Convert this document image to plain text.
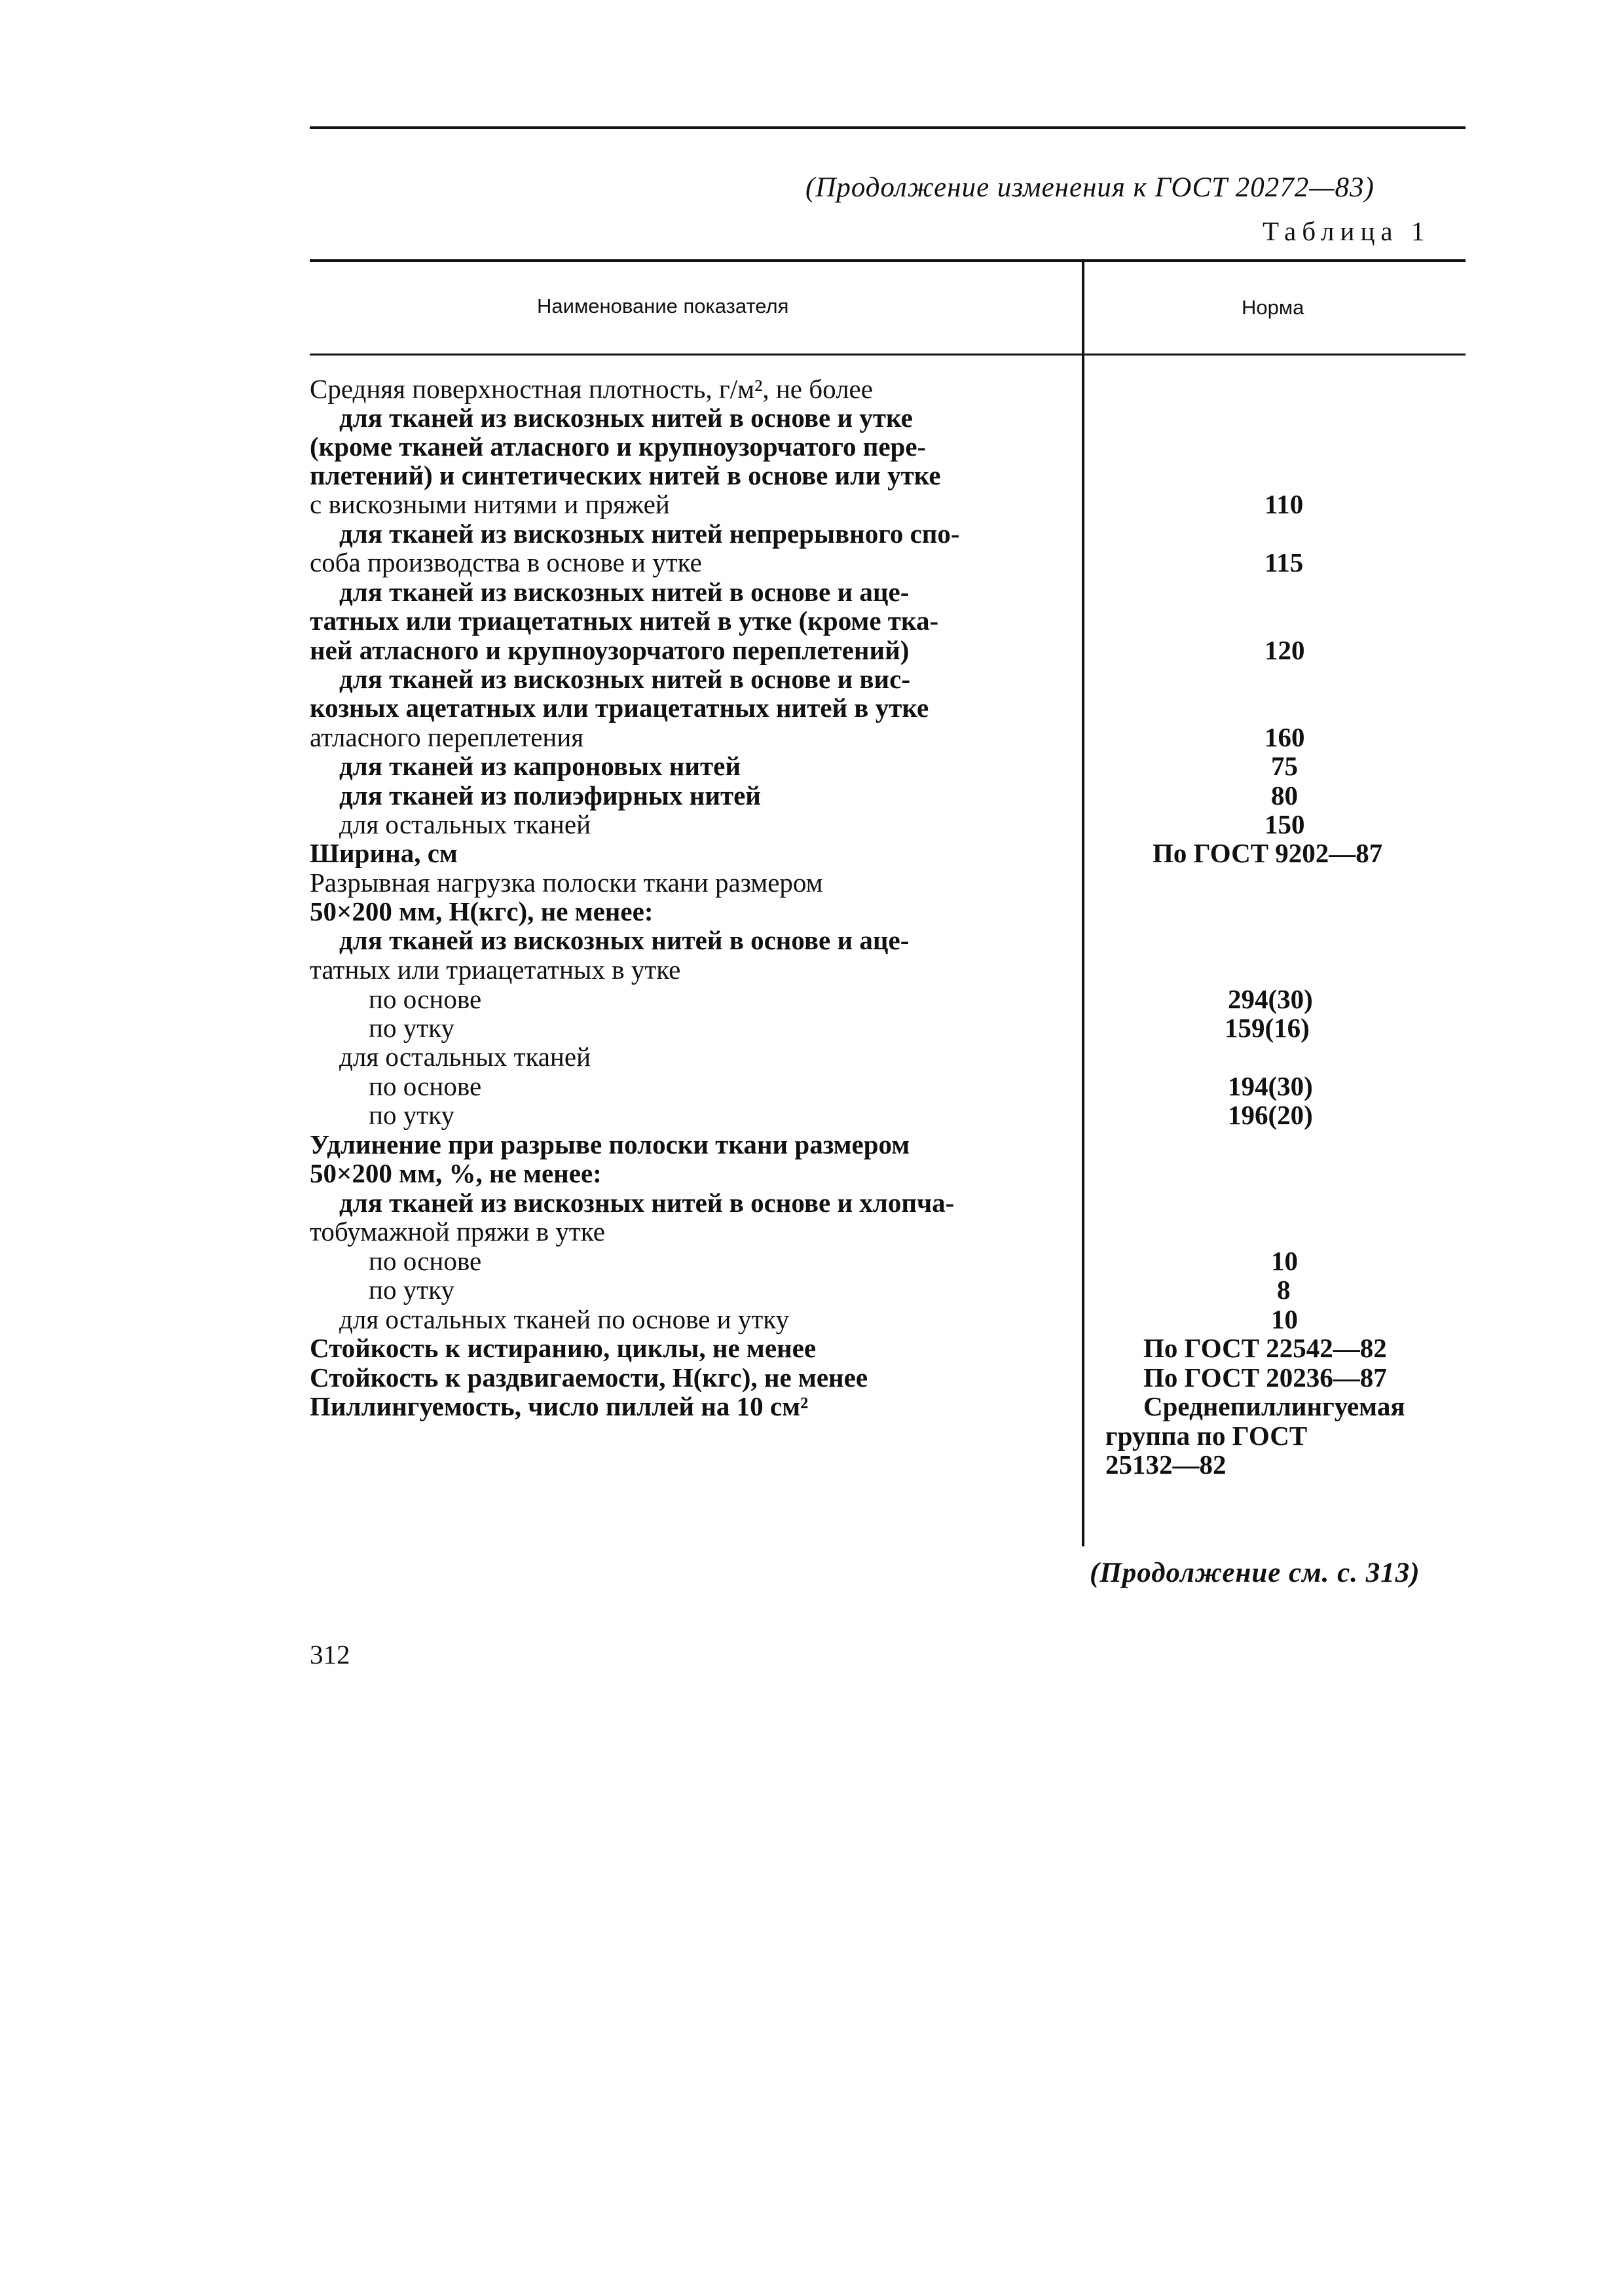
(Продолжение изменения к ГОСТ 20272—83)
Таблица 1
Наименование показателя	Норма
Средняя поверхностная плотность, г/м², не более
для тканей из вискозных нитей в основе и утке
(кроме тканей атласного и крупноузорчатого пере-
плетений) и синтетических нитей в основе или утке
с вискозными нитями и пряжей
для тканей из вискозных нитей непрерывного спо-
соба производства в основе и утке
для тканей из вискозных нитей в основе и аце-
татных или триацетатных нитей в утке (кроме тка-
ней атласного и крупноузорчатого переплетений)
для тканей из вискозных нитей в основе и вис-
козных ацетатных или триацетатных нитей в утке
атласного переплетения
для тканей из капроновых нитей
для тканей из полиэфирных нитей
для остальных тканей
Ширина, см
Разрывная нагрузка полоски ткани размером
50×200 мм, Н(кгс), не менее:
для тканей из вискозных нитей в основе и аце-
татных или триацетатных в утке
по основе
по утку
для остальных тканей
по основе
по утку
Удлинение при разрыве полоски ткани размером
50×200 мм, %, не менее:
для тканей из вискозных нитей в основе и хлопча-
тобумажной пряжи в утке
по основе
по утку
для остальных тканей по основе и утку
Стойкость к истиранию, циклы, не менее
Стойкость к раздвигаемости, Н(кгс), не менее
Пиллингуемость, число пиллей на 10 см²
110
115
120
160
75
80
150
По ГОСТ 9202—87
294(30)
159(16)
194(30)
196(20)
10
8
10
По ГОСТ 22542—82
По ГОСТ 20236—87
Среднепиллингуемая
группа по ГОСТ
25132—82
(Продолжение см. с. 313)
312
